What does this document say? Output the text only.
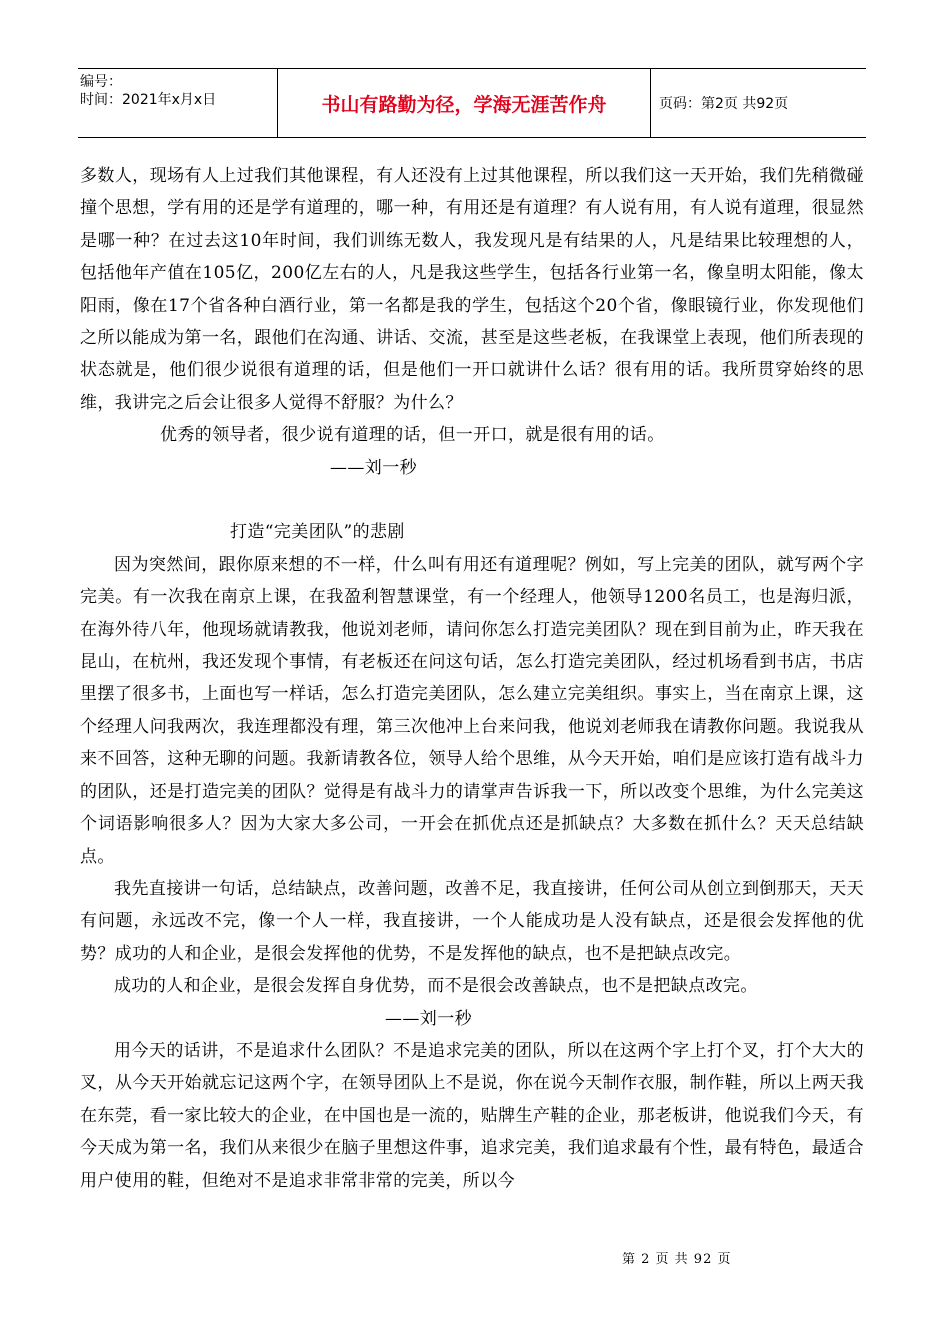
编号：
时间：2021年x月x日	书山有路勤为径，学海无涯苦作舟	页码：第2页 共92页

多数人，现场有人上过我们其他课程，有人还没有上过其他课程，所以我们这一天开始，我们先稍微碰撞个思想，学有用的还是学有道理的，哪一种，有用还是有道理？有人说有用，有人说有道理，很显然是哪一种？在过去这10年时间，我们训练无数人，我发现凡是有结果的人，凡是结果比较理想的人，包括他年产值在105亿，200亿左右的人，凡是我这些学生，包括各行业第一名，像皇明太阳能，像太阳雨，像在17个省各种白酒行业，第一名都是我的学生，包括这个20个省，像眼镜行业，你发现他们之所以能成为第一名，跟他们在沟通、讲话、交流，甚至是这些老板，在我课堂上表现，他们所表现的状态就是，他们很少说很有道理的话，但是他们一开口就讲什么话？很有用的话。我所贯穿始终的思维，我讲完之后会让很多人觉得不舒服？为什么？

优秀的领导者，很少说有道理的话，但一开口，就是很有用的话。

——刘一秒

打造“完美团队”的悲剧

因为突然间，跟你原来想的不一样，什么叫有用还有道理呢？例如，写上完美的团队，就写两个字完美。有一次我在南京上课，在我盈利智慧课堂，有一个经理人，他领导1200名员工，也是海归派，在海外待八年，他现场就请教我，他说刘老师，请问你怎么打造完美团队？现在到目前为止，昨天我在昆山，在杭州，我还发现个事情，有老板还在问这句话，怎么打造完美团队，经过机场看到书店，书店里摆了很多书，上面也写一样话，怎么打造完美团队，怎么建立完美组织。事实上，当在南京上课，这个经理人问我两次，我连理都没有理，第三次他冲上台来问我，他说刘老师我在请教你问题。我说我从来不回答，这种无聊的问题。我新请教各位，领导人给个思维，从今天开始，咱们是应该打造有战斗力的团队，还是打造完美的团队？觉得是有战斗力的请掌声告诉我一下，所以改变个思维，为什么完美这个词语影响很多人？因为大家大多公司，一开会在抓优点还是抓缺点？大多数在抓什么？天天总结缺点。

我先直接讲一句话，总结缺点，改善问题，改善不足，我直接讲，任何公司从创立到倒那天，天天有问题，永远改不完，像一个人一样，我直接讲，一个人能成功是人没有缺点，还是很会发挥他的优势？成功的人和企业，是很会发挥他的优势，不是发挥他的缺点，也不是把缺点改完。

成功的人和企业，是很会发挥自身优势，而不是很会改善缺点，也不是把缺点改完。

——刘一秒

用今天的话讲，不是追求什么团队？不是追求完美的团队，所以在这两个字上打个叉，打个大大的叉，从今天开始就忘记这两个字，在领导团队上不是说，你在说今天制作衣服，制作鞋，所以上两天我在东莞，看一家比较大的企业，在中国也是一流的，贴牌生产鞋的企业，那老板讲，他说我们今天，有今天成为第一名，我们从来很少在脑子里想这件事，追求完美，我们追求最有个性，最有特色，最适合用户使用的鞋，但绝对不是追求非常非常的完美，所以今

第 2 页 共 92 页
